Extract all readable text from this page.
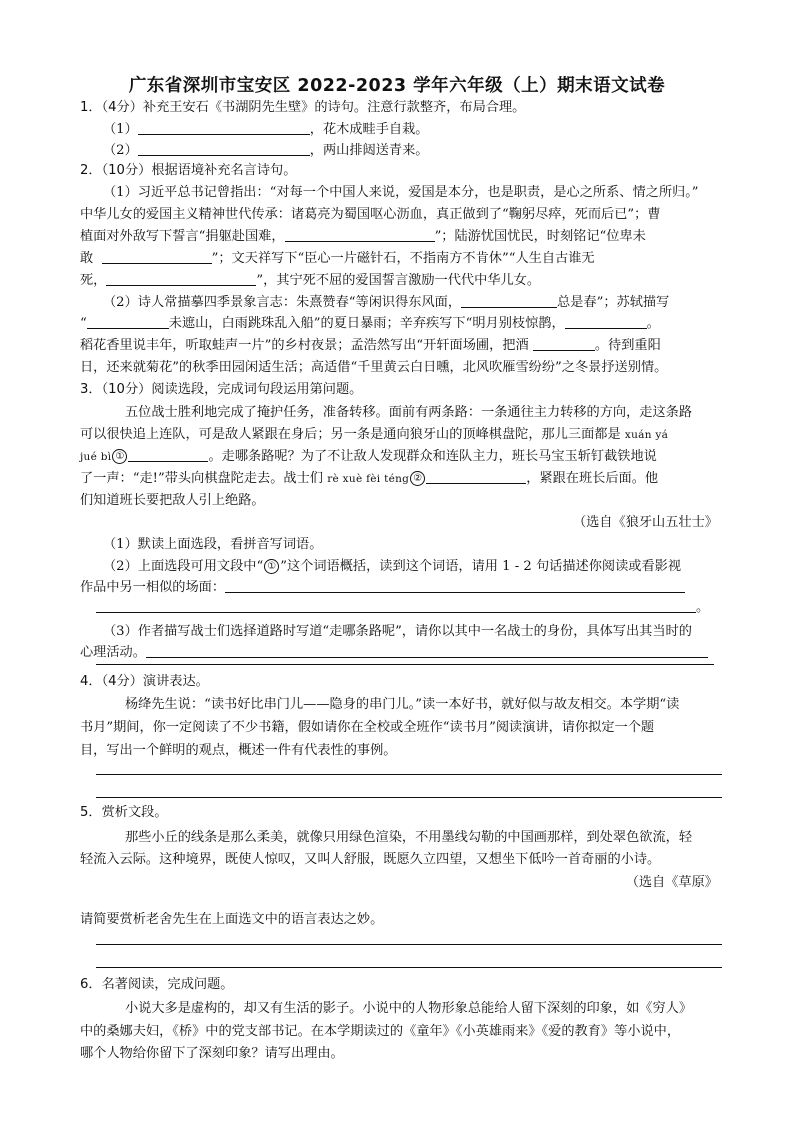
广东省深圳市宝安区 2022-2023 学年六年级（上）期末语文试卷
1．（4分）补充王安石《书湖阴先生壁》的诗句。注意行款整齐，布局合理。
（1）	，花木成畦手自栽。
（2）	，两山排闼送青来。
2．（10分）根据语境补充名言诗句。
（1）习近平总书记曾指出：“对每一个中国人来说，爱国是本分，也是职责，是心之所系、情之所归。”
中华儿女的爱国主义精神世代传承：诸葛亮为蜀国呕心沥血，真正做到了“鞠躬尽瘁，死而后已”；曹
植面对外敌写下誓言“捐躯赴国难，	”；陆游忧国忧民，时刻铭记“位卑未
敢	”；文天祥写下“臣心一片磁针石，不指南方不肯休”“人生自古谁无
死，	”，其宁死不屈的爱国誓言激励一代代中华儿女。
（2）诗人常描摹四季景象言志：朱熹赞春“等闲识得东风面，	总是春”；苏轼描写
“	未遮山，白雨跳珠乱入船”的夏日暴雨；辛弃疾写下“明月别枝惊鹊，	。
稻花香里说丰年，听取蛙声一片”的乡村夜景；孟浩然写出“开轩面场圃，把酒	。待到重阳
日，还来就菊花”的秋季田园闲适生活；高适借“千里黄云白日曛，北风吹雁雪纷纷”之冬景抒送别情。
3．（10分）阅读选段，完成词句段运用第问题。
五位战士胜利地完成了掩护任务，准备转移。面前有两条路：一条通往主力转移的方向，走这条路
可以很快追上连队，可是敌人紧跟在身后；另一条是通向狼牙山的顶峰棋盘陀，那儿三面都是 xuán yá
jué bì ①	。走哪条路呢？为了不让敌人发现群众和连队主力，班长马宝玉斩钉截铁地说
了一声：“走!”带头向棋盘陀走去。战士们 rè xuè fèi téng ②	，紧跟在班长后面。他
们知道班长要把敌人引上绝路。
（选自《狼牙山五壮士》
（1）默读上面选段，看拼音写词语。
（2）上面选段可用文段中“ ① ”这个词语概括，读到这个词语，请用 1 - 2 句话描述你阅读或看影视
作品中另一相似的场面：
。
（3）作者描写战士们选择道路时写道“走哪条路呢”，请你以其中一名战士的身份，具体写出其当时的
心理活动。
4．（4分）演讲表达。
杨绛先生说：“读书好比串门儿——隐身的串门儿。”读一本好书，就好似与故友相交。本学期“读
书月”期间，你一定阅读了不少书籍，假如请你在全校或全班作“读书月”阅读演讲，请你拟定一个题
目，写出一个鲜明的观点，概述一件有代表性的事例。
5．赏析文段。
那些小丘的线条是那么柔美，就像只用绿色渲染，不用墨线勾勒的中国画那样，到处翠色欲流，轻
轻流入云际。这种境界，既使人惊叹，又叫人舒服，既愿久立四望，又想坐下低吟一首奇丽的小诗。
（选自《草原》
请简要赏析老舍先生在上面选文中的语言表达之妙。
6．名著阅读，完成问题。
小说大多是虚构的，却又有生活的影子。小说中的人物形象总能给人留下深刻的印象，如《穷人》
中的桑娜夫妇，《桥》中的党支部书记。在本学期读过的《童年》《小英雄雨来》《爱的教育》等小说中，
哪个人物给你留下了深刻印象？请写出理由。
